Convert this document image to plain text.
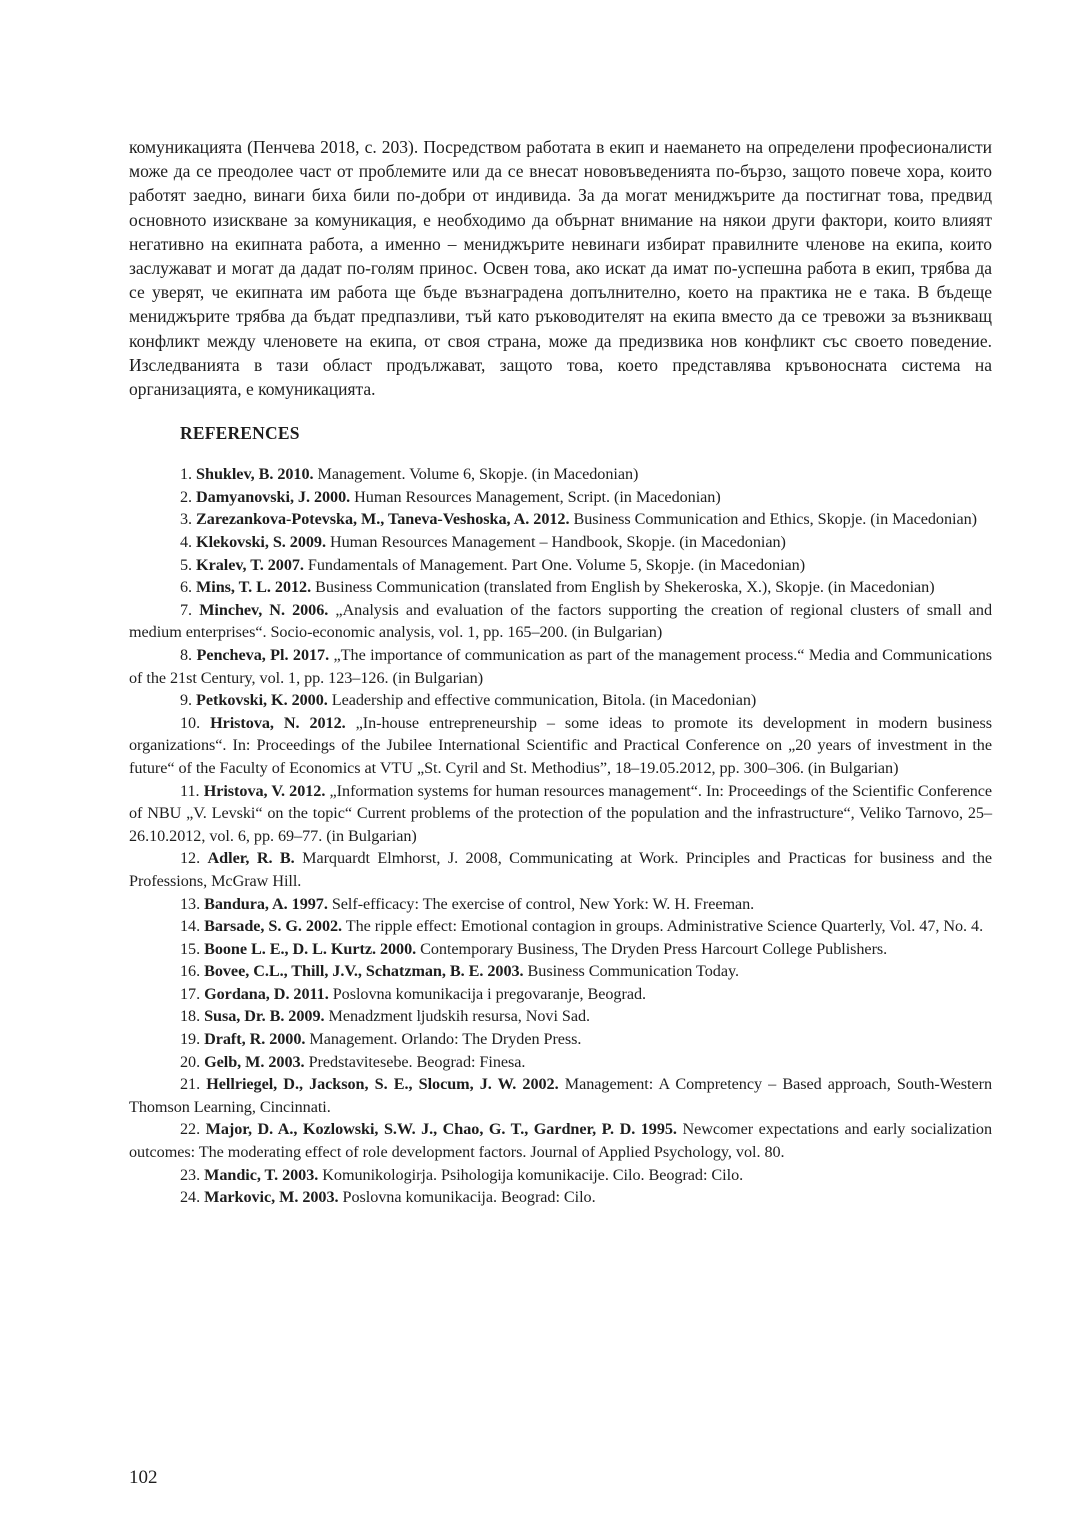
комуникацията (Пенчева 2018, с. 203). Посредством работата в екип и наемането на определени професионалисти може да се преодолее част от проблемите или да се внесат нововъведенията по-бързо, защото повече хора, които работят заедно, винаги биха били по-добри от индивида. За да могат мениджърите да постигнат това, предвид основното изискване за комуникация, е необходимо да обърнат внимание на някои други фактори, които влияят негативно на екипната работа, а именно – мениджърите невинаги избират правилните членове на екипа, които заслужават и могат да дадат по-голям принос. Освен това, ако искат да имат по-успешна работа в екип, трябва да се уверят, че екипната им работа ще бъде възнаградена допълнително, което на практика не е така. В бъдеще мениджърите трябва да бъдат предпазливи, тъй като ръководителят на екипа вместо да се тревожи за възникващ конфликт между членовете на екипа, от своя страна, може да предизвика нов конфликт със своето поведение. Изследванията в тази област продължават, защото това, което представлява кръвоносната система на организацията, е комуникацията.

REFERENCES
1. Shuklev, B. 2010. Management. Volume 6, Skopje. (in Macedonian)
2. Damyanovski, J. 2000. Human Resources Management, Script. (in Macedonian)
3. Zarezankova-Potevska, M., Taneva-Veshoska, A. 2012. Business Communication and Ethics, Skopje. (in Macedonian)
4. Klekovski, S. 2009. Human Resources Management – Handbook, Skopje. (in Macedonian)
5. Kralev, T. 2007. Fundamentals of Management. Part One. Volume 5, Skopje. (in Macedonian)
6. Mins, T. L. 2012. Business Communication (translated from English by Shekeroska, X.), Skopje. (in Macedonian)
7. Minchev, N. 2006. „Analysis and evaluation of the factors supporting the creation of regional clusters of small and medium enterprises“. Socio-economic analysis, vol. 1, pp. 165–200. (in Bulgarian)
8. Pencheva, Pl. 2017. „The importance of communication as part of the management process.“ Media and Communications of the 21st Century, vol. 1, pp. 123–126. (in Bulgarian)
9. Petkovski, K. 2000. Leadership and effective communication, Bitola. (in Macedonian)
10. Hristova, N. 2012. „In-house entrepreneurship – some ideas to promote its development in modern business organizations“. In: Proceedings of the Jubilee International Scientific and Practical Conference on „20 years of investment in the future“ of the Faculty of Economics at VTU „St. Cyril and St. Methodius”, 18–19.05.2012, pp. 300–306. (in Bulgarian)
11. Hristova, V. 2012. „Information systems for human resources management“. In: Proceedings of the Scientific Conference of NBU „V. Levski“ on the topic“ Current problems of the protection of the population and the infrastructure“, Veliko Tarnovo, 25–26.10.2012, vol. 6, pp. 69–77. (in Bulgarian)
12. Adler, R. B. Marquardt Elmhorst, J. 2008, Communicating at Work. Principles and Practicas for business and the Professions, McGraw Hill.
13. Bandura, A. 1997. Self-efficacy: The exercise of control, New York: W. H. Freeman.
14. Barsade, S. G. 2002. The ripple effect: Emotional contagion in groups. Administrative Science Quarterly, Vol. 47, No. 4.
15. Boone L. E., D. L. Kurtz. 2000. Contemporary Business, The Dryden Press Harcourt College Publishers.
16. Bovee, C.L., Thill, J.V., Schatzman, B. E. 2003. Business Communication Today.
17. Gordana, D. 2011. Poslovna komunikacija i pregovaranje, Beograd.
18. Susa, Dr. B. 2009. Menadzment ljudskih resursa, Novi Sad.
19. Draft, R. 2000. Management. Orlando: The Dryden Press.
20. Gelb, M. 2003. Predstavitesebe. Beograd: Finesa.
21. Hellriegel, D., Jackson, S. E., Slocum, J. W. 2002. Management: A Compretency – Based approach, South-Western Thomson Learning, Cincinnati.
22. Major, D. A., Kozlowski, S.W. J., Chao, G. T., Gardner, P. D. 1995. Newcomer expectations and early socialization outcomes: The moderating effect of role development factors. Journal of Applied Psychology, vol. 80.
23. Mandic, T. 2003. Komunikologirja. Psihologija komunikacije. Cilo. Beograd: Cilo.
24. Markovic, M. 2003. Poslovna komunikacija. Beograd: Cilo.
102
